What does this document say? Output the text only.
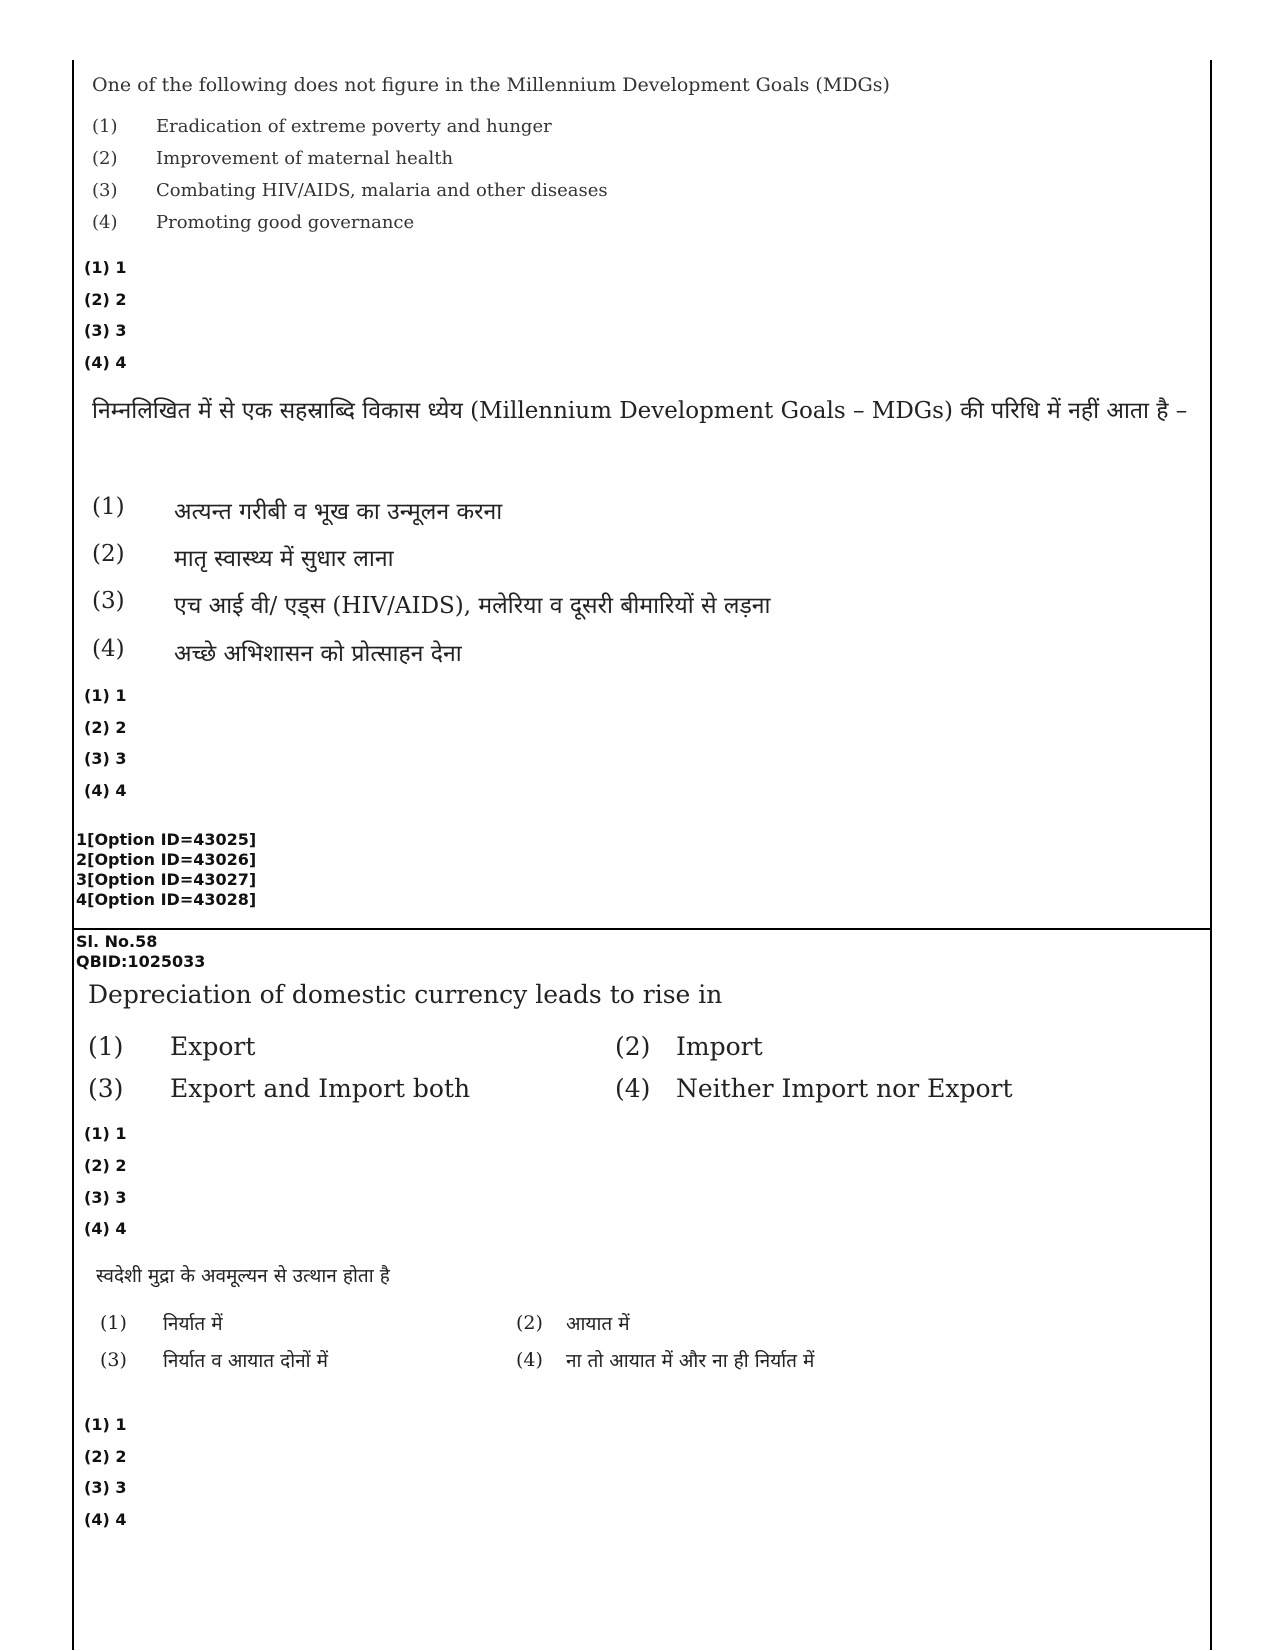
One of the following does not figure in the Millennium Development Goals (MDGs)
(1) Eradication of extreme poverty and hunger
(2) Improvement of maternal health
(3) Combating HIV/AIDS, malaria and other diseases
(4) Promoting good governance
(1) 1
(2) 2
(3) 3
(4) 4
निम्नलिखित में से एक सहस्राब्दि विकास ध्येय (Millennium Development Goals – MDGs) की परिधि में नहीं आता है –
(1) अत्यन्त गरीबी व भूख का उन्मूलन करना
(2) मातृ स्वास्थ्य में सुधार लाना
(3) एच आई वी/ एड्स (HIV/AIDS), मलेरिया व दूसरी बीमारियों से लड़ना
(4) अच्छे अभिशासन को प्रोत्साहन देना
(1) 1
(2) 2
(3) 3
(4) 4
1[Option ID=43025]
2[Option ID=43026]
3[Option ID=43027]
4[Option ID=43028]
Sl. No.58
QBID:1025033
Depreciation of domestic currency leads to rise in
(1) Export	(2) Import
(3) Export and Import both	(4) Neither Import nor Export
(1) 1
(2) 2
(3) 3
(4) 4
स्वदेशी मुद्रा के अवमूल्यन से उत्थान होता है
(1) निर्यात में	(2) आयात में
(3) निर्यात व आयात दोनों में	(4) ना तो आयात में और ना ही निर्यात में
(1) 1
(2) 2
(3) 3
(4) 4
